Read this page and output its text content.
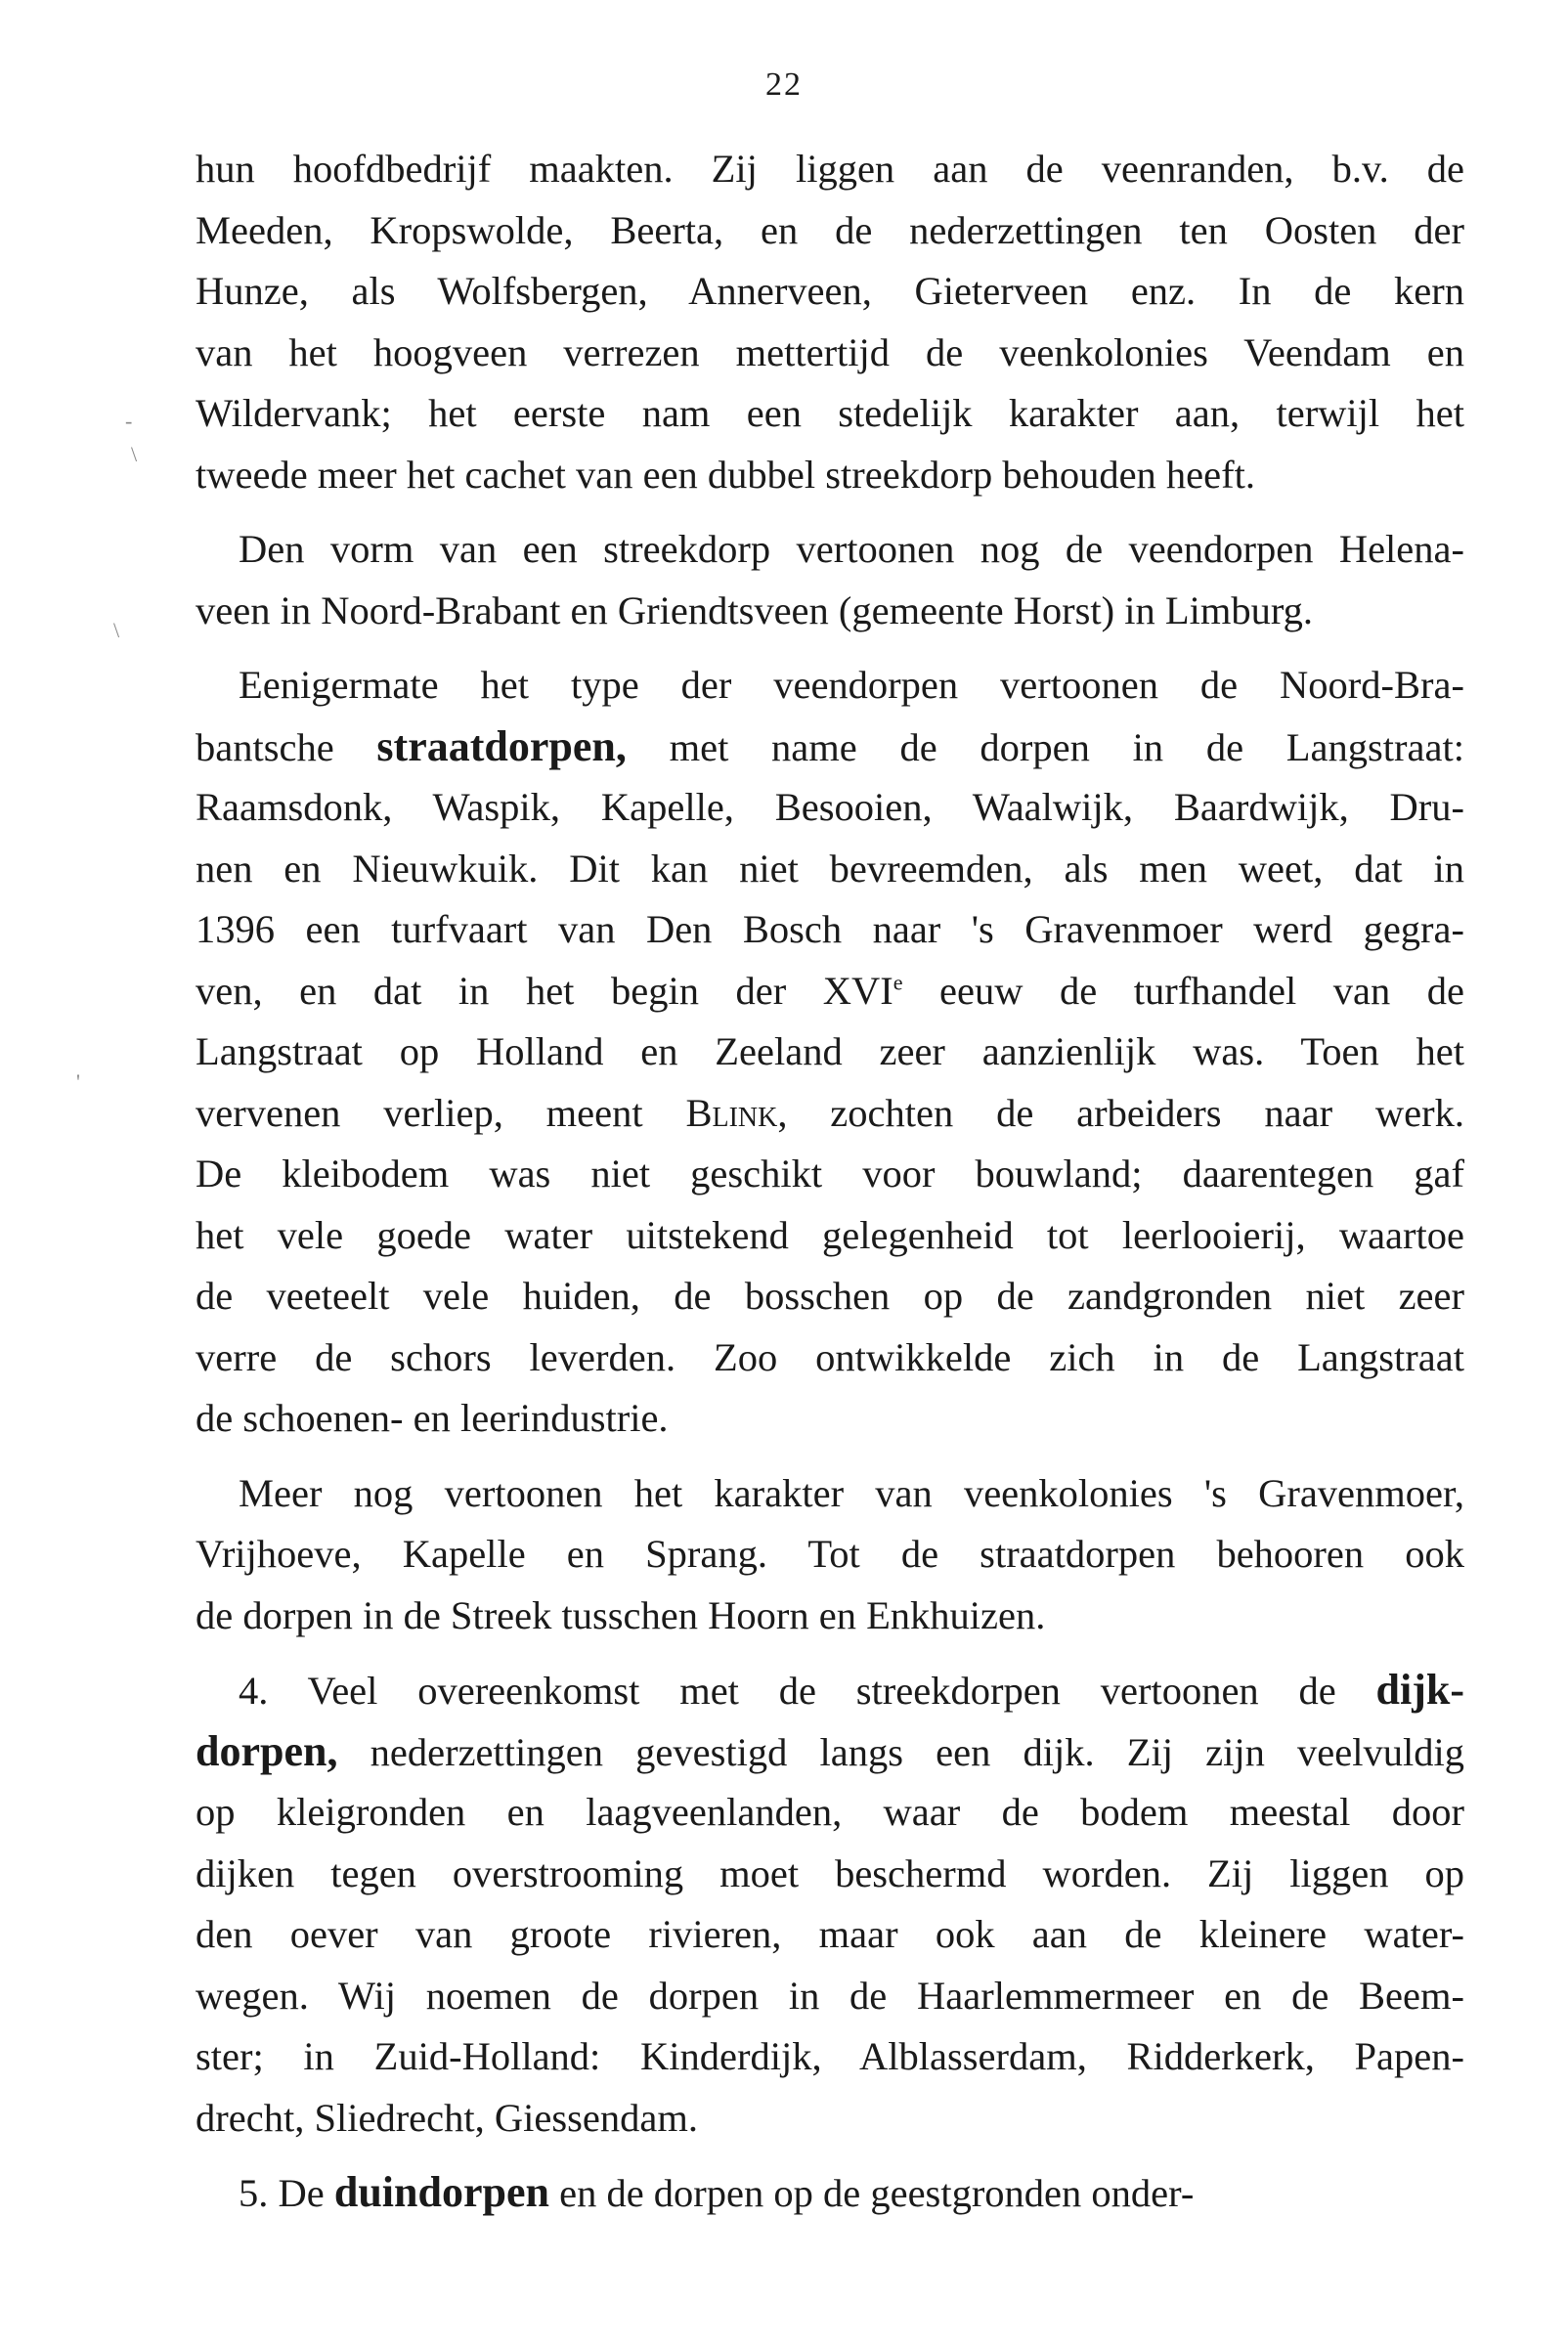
22
-
\
\
'
hun hoofdbedrijf maakten. Zij liggen aan de veenranden, b.v. de
Meeden, Kropswolde, Beerta, en de nederzettingen ten Oosten der
Hunze, als Wolfsbergen, Annerveen, Gieterveen enz. In de kern
van het hoogveen verrezen mettertijd de veenkolonies Veendam en
Wildervank; het eerste nam een stedelijk karakter aan, terwijl het
tweede meer het cachet van een dubbel streekdorp behouden heeft.
Den vorm van een streekdorp vertoonen nog de veendorpen Helena-
veen in Noord-Brabant en Griendtsveen (gemeente Horst) in Limburg.
Eenigermate het type der veendorpen vertoonen de Noord-Bra-
bantsche straatdorpen, met name de dorpen in de Langstraat:
Raamsdonk, Waspik, Kapelle, Besooien, Waalwijk, Baardwijk, Dru-
nen en Nieuwkuik. Dit kan niet bevreemden, als men weet, dat in
1396 een turfvaart van Den Bosch naar 's Gravenmoer werd gegra-
ven, en dat in het begin der XVIe eeuw de turfhandel van de
Langstraat op Holland en Zeeland zeer aanzienlijk was. Toen het
vervenen verliep, meent Blink, zochten de arbeiders naar werk.
De kleibodem was niet geschikt voor bouwland; daarentegen gaf
het vele goede water uitstekend gelegenheid tot leerlooierij, waartoe
de veeteelt vele huiden, de bosschen op de zandgronden niet zeer
verre de schors leverden. Zoo ontwikkelde zich in de Langstraat
de schoenen- en leerindustrie.
Meer nog vertoonen het karakter van veenkolonies 's Gravenmoer,
Vrijhoeve, Kapelle en Sprang. Tot de straatdorpen behooren ook
de dorpen in de Streek tusschen Hoorn en Enkhuizen.
4. Veel overeenkomst met de streekdorpen vertoonen de dijk-
dorpen, nederzettingen gevestigd langs een dijk. Zij zijn veelvuldig
op kleigronden en laagveenlanden, waar de bodem meestal door
dijken tegen overstrooming moet beschermd worden. Zij liggen op
den oever van groote rivieren, maar ook aan de kleinere water-
wegen. Wij noemen de dorpen in de Haarlemmermeer en de Beem-
ster; in Zuid-Holland: Kinderdijk, Alblasserdam, Ridderkerk, Papen-
drecht, Sliedrecht, Giessendam.
5. De duindorpen en de dorpen op de geestgronden onder-
